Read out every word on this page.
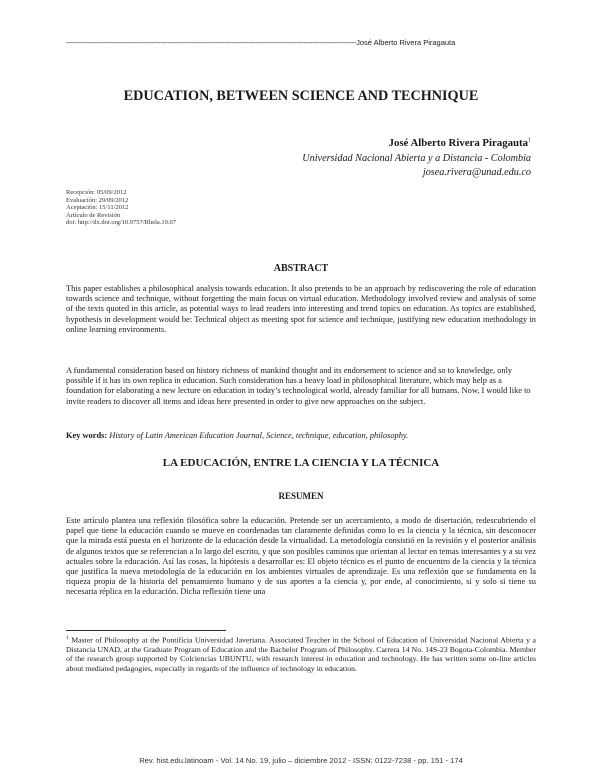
------------------------------------------------------------------------------------------------------------------------------------José Alberto Rivera Piragauta
EDUCATION, BETWEEN SCIENCE AND TECHNIQUE
José Alberto Rivera Piragauta$^1$
Universidad Nacional Abierta y a Distancia - Colombia
josea.rivera@unad.edu.co
Recepción: 05/09/2012
Evaluación: 29/09/2012
Aceptación: 15/11/2012
Artículo de Revisión
doi: http://dx.doi.org/10.9757/Rhela.19.07
ABSTRACT
This paper establishes a philosophical analysis towards education. It also pretends to be an approach by rediscovering the role of education towards science and technique, without forgetting the main focus on virtual education. Methodology involved review and analysis of some of the texts quoted in this article, as potential ways to lead readers into interesting and trend topics on education. As topics are established, hypothesis in development would be: Technical object as meeting spot for science and technique, justifying new education methodology in online learning environments.
A fundamental consideration based on history richness of mankind thought and its endorsement to science and so to knowledge, only possible if it has its own replica in education. Such consideration has a heavy load in philosophical literature, which may help as a foundation for elaborating a new lecture on education in today’s technological world, already familiar for all humans. Now, I would like to invite readers to discover all items and ideas here presented in order to give new approaches on the subject.
Key words: History of Latin American Education Journal, Science, technique, education, philosophy.
LA EDUCACIÓN, ENTRE LA CIENCIA Y LA TÉCNICA
RESUMEN
Este artículo plantea una reflexión filosófica sobre la educación. Pretende ser un acercamiento, a modo de disertación, redescubriendo el papel que tiene la educación cuando se mueve en coordenadas tan claramente definidas como lo es la ciencia y la técnica, sin desconocer que la mirada está puesta en el horizonte de la educación desde la virtualidad. La metodología consistió en la revisión y el posterior análisis de algunos textos que se referencian a lo largo del escrito, y que son posibles caminos que orientan al lector en temas interesantes y a su vez actuales sobre la educación. Así las cosas, la hipótesis a desarrollar es: El objeto técnico es el punto de encuentro de la ciencia y la técnica que justifica la nueva metodología de la educación en los ambientes virtuales de aprendizaje. Es una reflexión que se fundamenta en la riqueza propia de la historia del pensamiento humano y de sus aportes a la ciencia y, por ende, al conocimiento, si y solo si tiene su necesaria réplica en la educación. Dicha reflexión tiene una
$^1$ Master of Philosophy at the Pontificia Universidad Javeriana. Associated Teacher in the School of Education of Universidad Nacional Abierta y a Distancia UNAD, at the Graduate Program of Education and the Bachelor Program of Philosophy. Carrera 14 No. 14S-23 Bogota-Colombia. Member of the research group supported by Colciencias UBUNTU, with research interest in education and technology. He has written some on-line articles about mediated pedagogies, especially in regards of the influence of technology in education.
Rev. hist.edu.latinoam - Vol. 14 No. 19, julio – diciembre 2012 - ISSN: 0122-7238 - pp. 151 - 174
